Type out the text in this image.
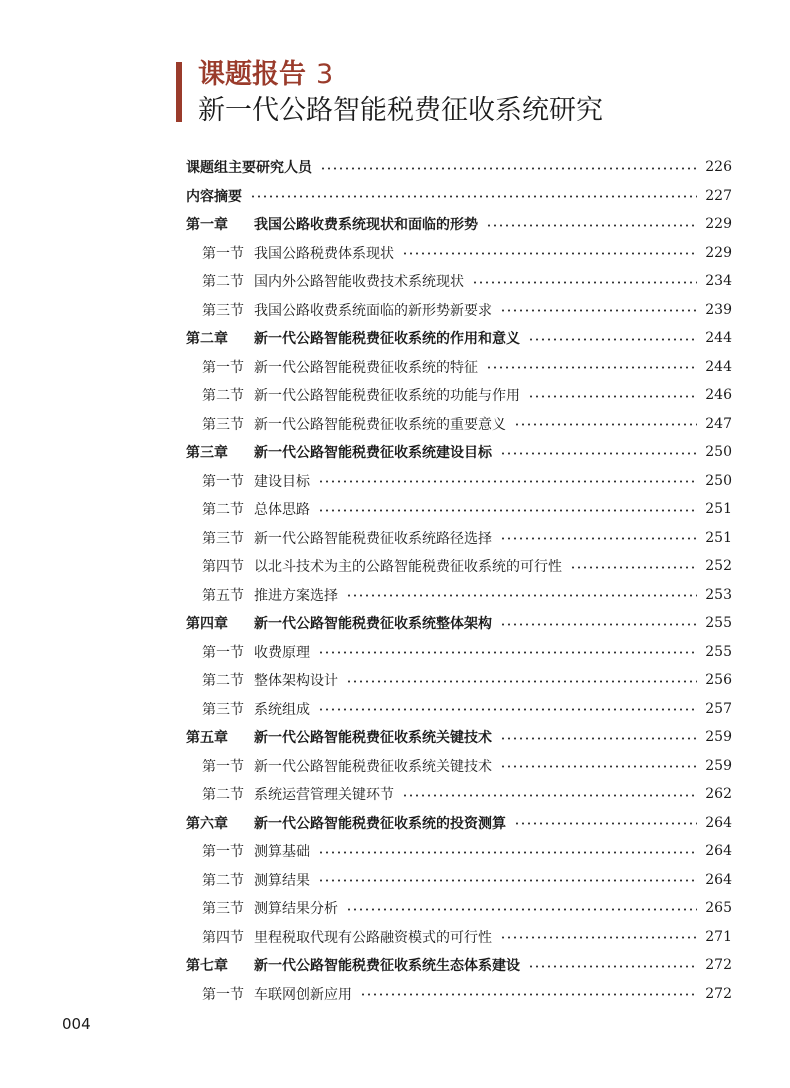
课题报告 3
新一代公路智能税费征收系统研究
课题组主要研究人员	226
内容摘要	227
第一章	我国公路收费系统现状和面临的形势	229
第一节 我国公路税费体系现状	229
第二节 国内外公路智能收费技术系统现状	234
第三节 我国公路收费系统面临的新形势新要求	239
第二章	新一代公路智能税费征收系统的作用和意义	244
第一节 新一代公路智能税费征收系统的特征	244
第二节 新一代公路智能税费征收系统的功能与作用	246
第三节 新一代公路智能税费征收系统的重要意义	247
第三章	新一代公路智能税费征收系统建设目标	250
第一节 建设目标	250
第二节 总体思路	251
第三节 新一代公路智能税费征收系统路径选择	251
第四节 以北斗技术为主的公路智能税费征收系统的可行性	252
第五节 推进方案选择	253
第四章	新一代公路智能税费征收系统整体架构	255
第一节 收费原理	255
第二节 整体架构设计	256
第三节 系统组成	257
第五章	新一代公路智能税费征收系统关键技术	259
第一节 新一代公路智能税费征收系统关键技术	259
第二节 系统运营管理关键环节	262
第六章	新一代公路智能税费征收系统的投资测算	264
第一节 测算基础	264
第二节 测算结果	264
第三节 测算结果分析	265
第四节 里程税取代现有公路融资模式的可行性	271
第七章	新一代公路智能税费征收系统生态体系建设	272
第一节 车联网创新应用	272
004
